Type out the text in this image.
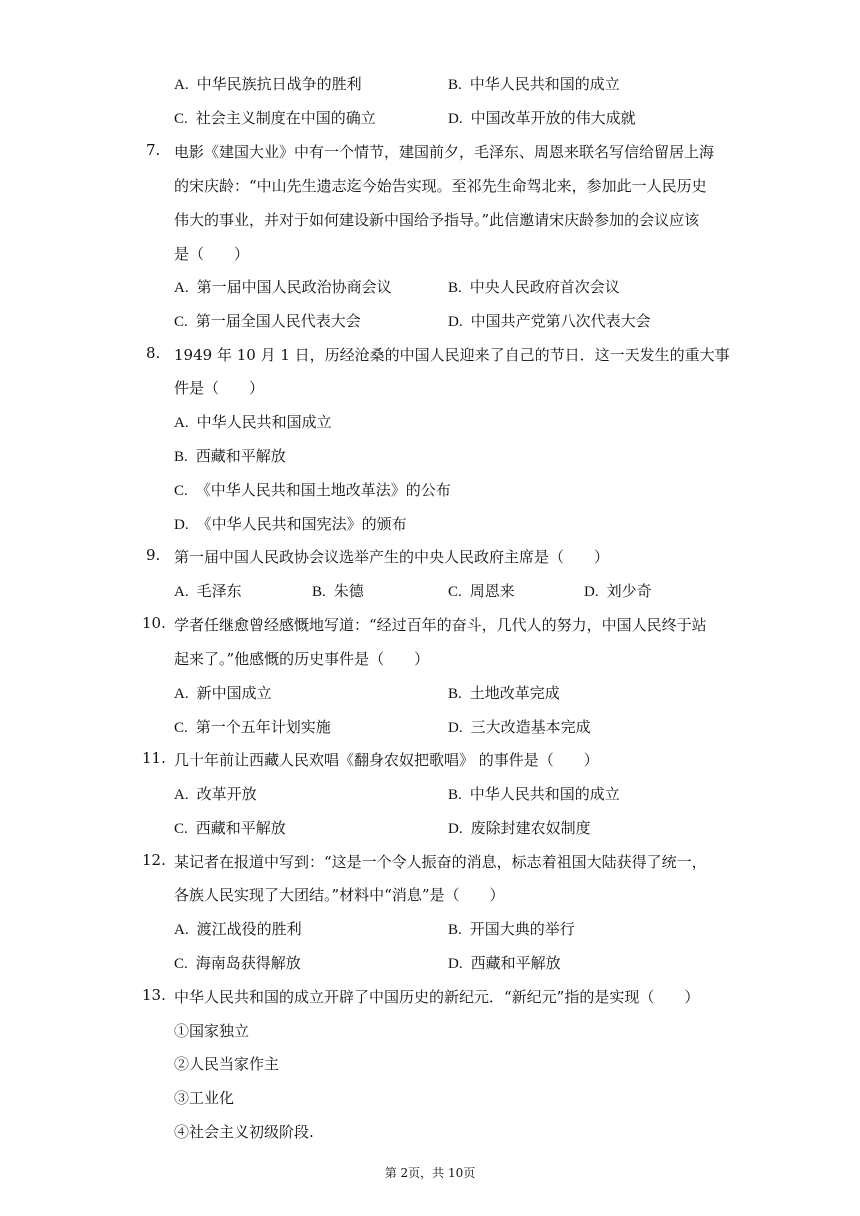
A. 中华民族抗日战争的胜利	B. 中华人民共和国的成立
C. 社会主义制度在中国的确立	D. 中国改革开放的伟大成就
7. 电影《建国大业》中有一个情节，建国前夕，毛泽东、周恩来联名写信给留居上海
的宋庆龄：“中山先生遗志迄今始告实现。至祁先生命驾北来，参加此一人民历史
伟大的事业，并对于如何建设新中国给予指导。”此信邀请宋庆龄参加的会议应该
是（　　）
A. 第一届中国人民政治协商会议	B. 中央人民政府首次会议
C. 第一届全国人民代表大会	D. 中国共产党第八次代表大会
8. 1949 年 10 月 1 日，历经沧桑的中国人民迎来了自己的节日．这一天发生的重大事
件是（　　）
A. 中华人民共和国成立
B. 西藏和平解放
C. 《中华人民共和国土地改革法》的公布
D. 《中华人民共和国宪法》的颁布
9. 第一届中国人民政协会议选举产生的中央人民政府主席是（　　）
A. 毛泽东	B. 朱德	C. 周恩来	D. 刘少奇
10. 学者任继愈曾经感慨地写道：“经过百年的奋斗，几代人的努力，中国人民终于站
起来了。”他感慨的历史事件是（　　）
A. 新中国成立	B. 土地改革完成
C. 第一个五年计划实施	D. 三大改造基本完成
11. 几十年前让西藏人民欢唱《翻身农奴把歌唱》 的事件是（　　）
A. 改革开放	B. 中华人民共和国的成立
C. 西藏和平解放	D. 废除封建农奴制度
12. 某记者在报道中写到：“这是一个令人振奋的消息，标志着祖国大陆获得了统一，
各族人民实现了大团结。”材料中“消息”是（　　）
A. 渡江战役的胜利	B. 开国大典的举行
C. 海南岛获得解放	D. 西藏和平解放
13. 中华人民共和国的成立开辟了中国历史的新纪元．“新纪元”指的是实现（　　）
①国家独立
②人民当家作主
③工业化
④社会主义初级阶段.
第 2页，共 10页
